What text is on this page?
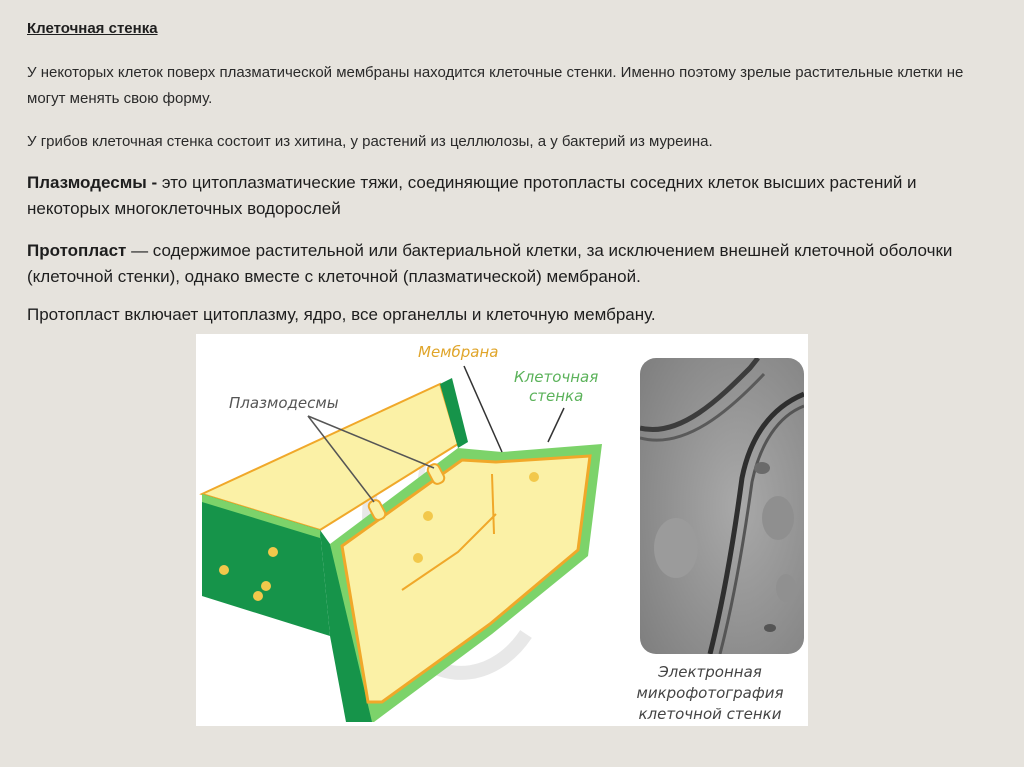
Клеточная стенка
У некоторых клеток поверх плазматической мембраны находится клеточные стенки. Именно поэтому зрелые растительные клетки не могут менять свою форму.
У грибов клеточная стенка состоит из хитина, у растений из целлюлозы, а у бактерий из муреина.
Плазмодесмы - это цитоплазматические тяжи, соединяющие протопласты соседних клеток высших растений и некоторых многоклеточных водорослей
Протопласт — содержимое растительной или бактериальной клетки, за исключением внешней клеточной оболочки (клеточной стенки), однако вместе с клеточной (плазматической) мембраной.
Протопласт включает цитоплазму, ядро, все органеллы и клеточную мембрану.
Плазмодесмы
Мембрана
Клеточная
стенка
Электронная
микрофотография
клеточной стенки
